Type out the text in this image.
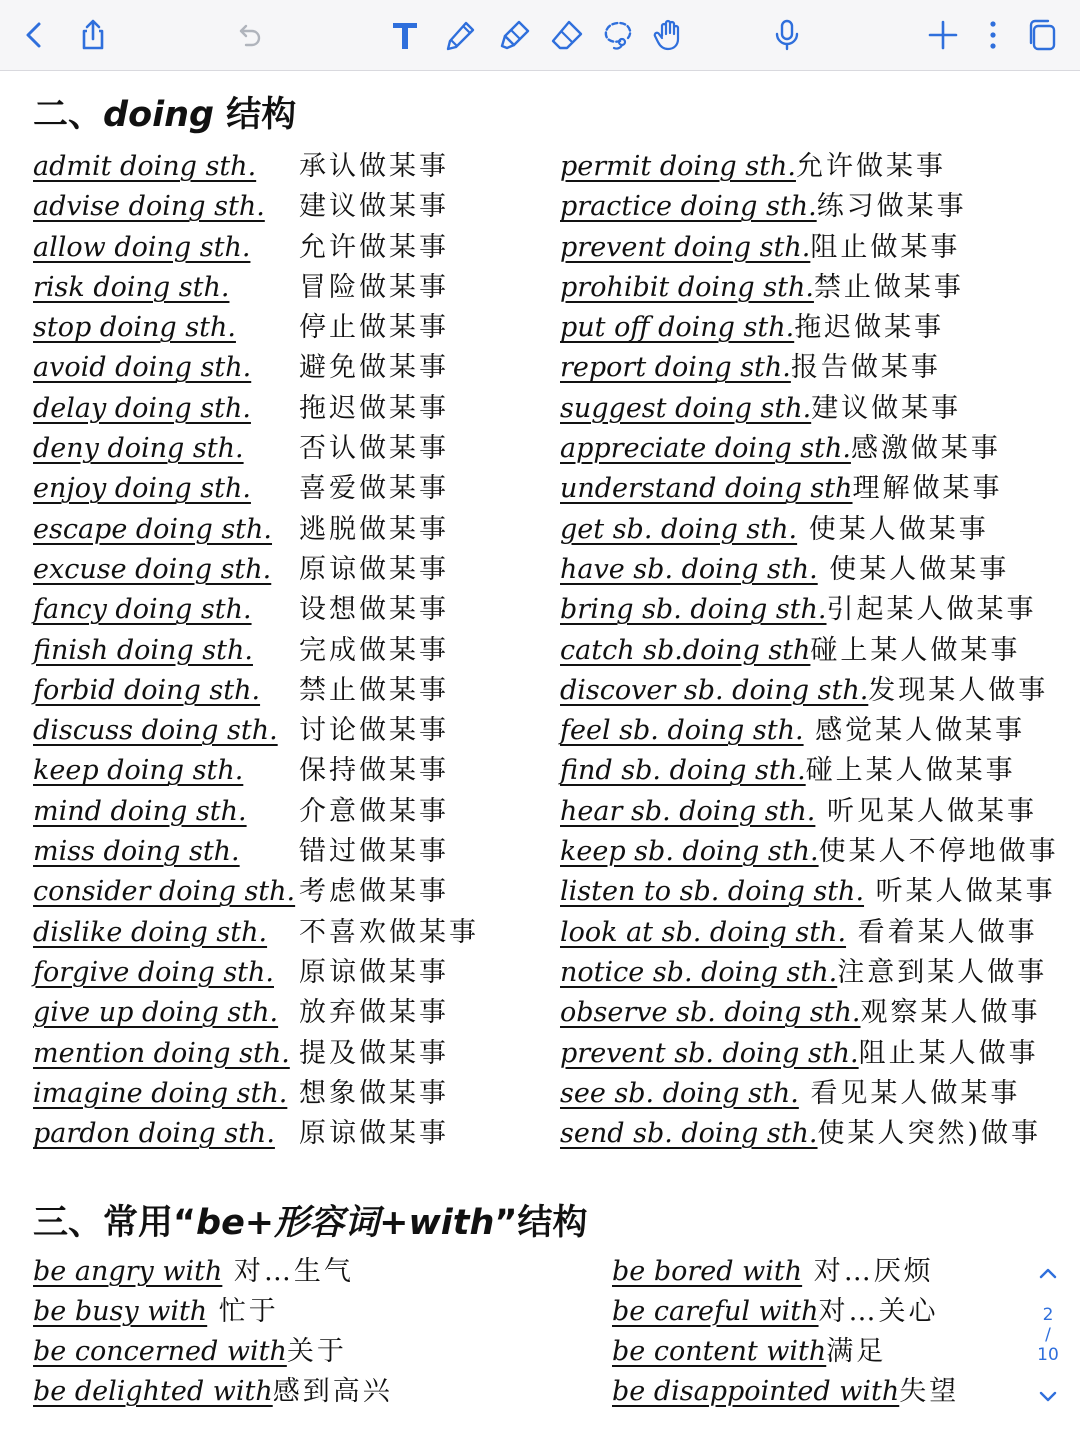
二、doing 结构
admit doing sth. 承认做某事
advise doing sth. 建议做某事
allow doing sth. 允许做某事
risk doing sth.	冒险做某事
stop doing sth. 停止做某事
avoid doing sth. 避免做某事
delay doing sth. 拖迟做某事
deny doing sth. 否认做某事
enjoy doing sth. 喜爱做某事
escape doing sth. 逃脱做某事
excuse doing sth. 原谅做某事
fancy doing sth. 设想做某事
finish doing sth. 完成做某事
forbid doing sth. 禁止做某事
discuss doing sth. 讨论做某事
keep doing sth. 保持做某事
mind doing sth. 介意做某事
miss doing sth. 错过做某事
consider doing sth. 考虑做某事
dislike doing sth. 不喜欢做某事
forgive doing sth. 原谅做某事
give up doing sth. 放弃做某事
mention doing sth. 提及做某事
imagine doing sth. 想象做某事
pardon doing sth. 原谅做某事
permit doing sth.允许做某事
practice doing sth.练习做某事
prevent doing sth.阻止做某事
prohibit doing sth.禁止做某事
put off doing sth.拖迟做某事
report doing sth.报告做某事
suggest doing sth.建议做某事
appreciate doing sth.感激做某事
understand doing sth理解做某事
get sb. doing sth. 使某人做某事
have sb. doing sth. 使某人做某事
bring sb. doing sth.引起某人做某事
catch sb.doing sth碰上某人做某事
discover sb. doing sth.发现某人做事
feel sb. doing sth. 感觉某人做某事
find sb. doing sth.碰上某人做某事
hear sb. doing sth. 听见某人做某事
keep sb. doing sth.使某人不停地做事
listen to sb. doing sth. 听某人做某事
look at sb. doing sth. 看着某人做事
notice sb. doing sth.注意到某人做事
observe sb. doing sth.观察某人做事
prevent sb. doing sth.阻止某人做事
see sb. doing sth. 看见某人做某事
send sb. doing sth.使某人突然)做事
三、常用“be+形容词+with”结构
be angry with 对…生气
be busy with 忙于
be concerned with关于
be delighted with感到高兴
be bored with 对…厌烦
be careful with对…关心
be content with满足
be disappointed with失望
2
/
10
